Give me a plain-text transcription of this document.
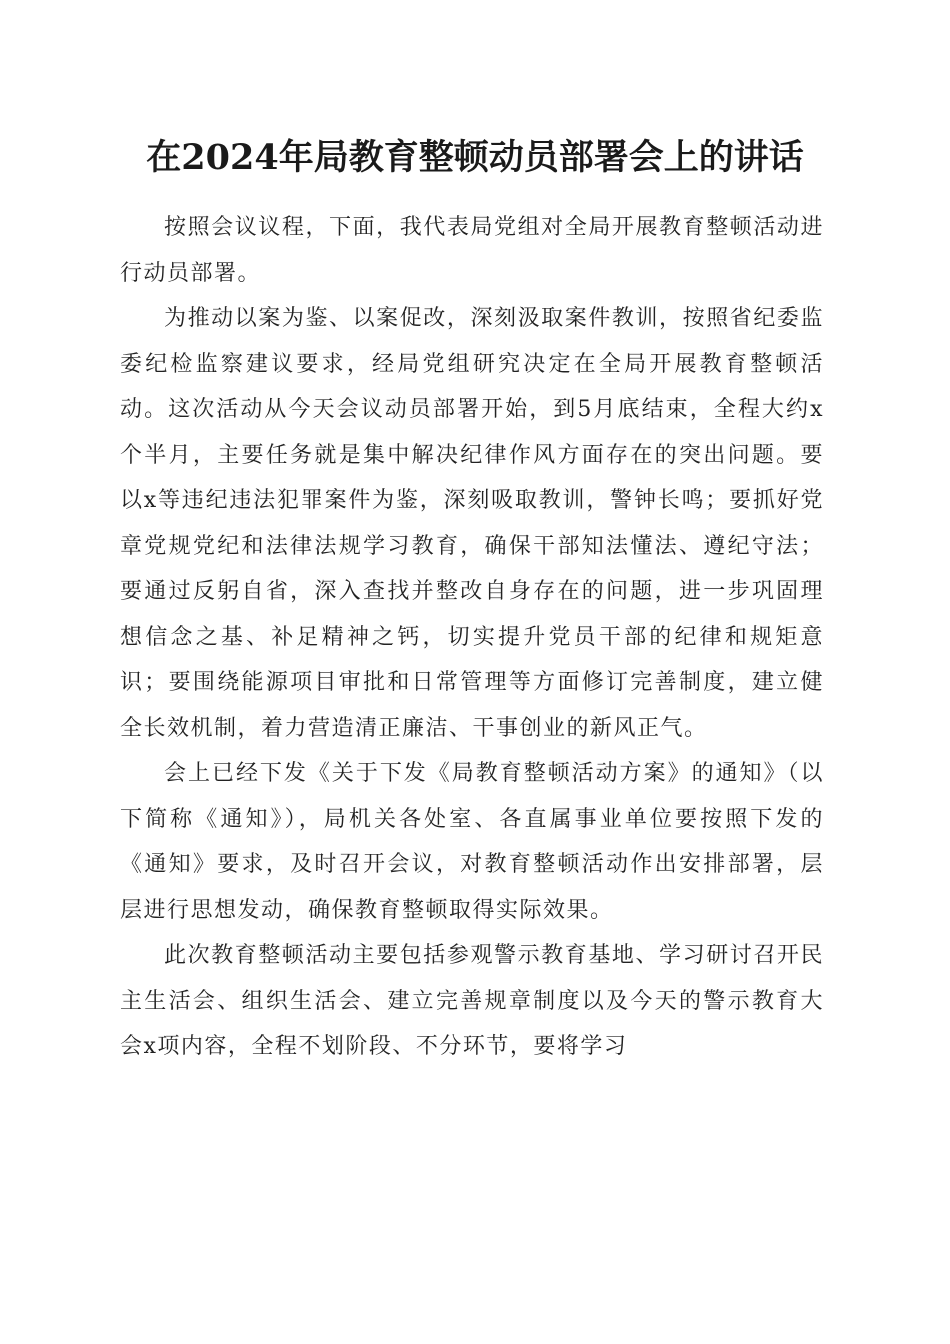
在2024年局教育整顿动员部署会上的讲话

按照会议议程，下面，我代表局党组对全局开展教育整顿活动进行动员部署。

为推动以案为鉴、以案促改，深刻汲取案件教训，按照省纪委监委纪检监察建议要求，经局党组研究决定在全局开展教育整顿活动。这次活动从今天会议动员部署开始，到5月底结束，全程大约x个半月，主要任务就是集中解决纪律作风方面存在的突出问题。要以x等违纪违法犯罪案件为鉴，深刻吸取教训，警钟长鸣；要抓好党章党规党纪和法律法规学习教育，确保干部知法懂法、遵纪守法；要通过反躬自省，深入查找并整改自身存在的问题，进一步巩固理想信念之基、补足精神之钙，切实提升党员干部的纪律和规矩意识；要围绕能源项目审批和日常管理等方面修订完善制度，建立健全长效机制，着力营造清正廉洁、干事创业的新风正气。

会上已经下发《关于下发《局教育整顿活动方案》的通知》（以下简称《通知》），局机关各处室、各直属事业单位要按照下发的《通知》要求，及时召开会议，对教育整顿活动作出安排部署，层层进行思想发动，确保教育整顿取得实际效果。

此次教育整顿活动主要包括参观警示教育基地、学习研讨召开民主生活会、组织生活会、建立完善规章制度以及今天的警示教育大会x项内容，全程不划阶段、不分环节，要将学习
